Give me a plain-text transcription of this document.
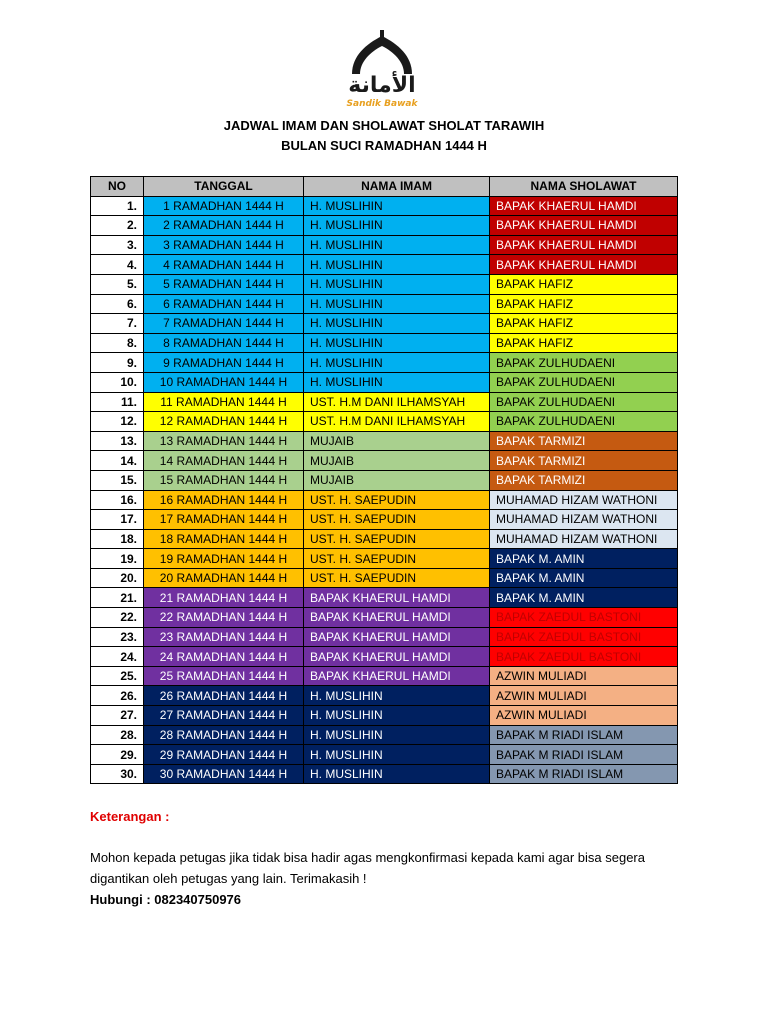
الأمانة
Sandik Bawak
JADWAL IMAM DAN SHOLAWAT SHOLAT TARAWIH
BULAN SUCI RAMADHAN 1444 H
NO	TANGGAL	NAMA IMAM	NAMA SHOLAWAT
1.	1 RAMADHAN 1444 H	H. MUSLIHIN	BAPAK KHAERUL HAMDI
2.	2 RAMADHAN 1444 H	H. MUSLIHIN	BAPAK KHAERUL HAMDI
3.	3 RAMADHAN 1444 H	H. MUSLIHIN	BAPAK KHAERUL HAMDI
4.	4 RAMADHAN 1444 H	H. MUSLIHIN	BAPAK KHAERUL HAMDI
5.	5 RAMADHAN 1444 H	H. MUSLIHIN	BAPAK HAFIZ
6.	6 RAMADHAN 1444 H	H. MUSLIHIN	BAPAK HAFIZ
7.	7 RAMADHAN 1444 H	H. MUSLIHIN	BAPAK HAFIZ
8.	8 RAMADHAN 1444 H	H. MUSLIHIN	BAPAK HAFIZ
9.	9 RAMADHAN 1444 H	H. MUSLIHIN	BAPAK ZULHUDAENI
10.	10 RAMADHAN 1444 H	H. MUSLIHIN	BAPAK ZULHUDAENI
11.	11 RAMADHAN 1444 H	UST. H.M DANI ILHAMSYAH	BAPAK ZULHUDAENI
12.	12 RAMADHAN 1444 H	UST. H.M DANI ILHAMSYAH	BAPAK ZULHUDAENI
13.	13 RAMADHAN 1444 H	MUJAIB	BAPAK TARMIZI
14.	14 RAMADHAN 1444 H	MUJAIB	BAPAK TARMIZI
15.	15 RAMADHAN 1444 H	MUJAIB	BAPAK TARMIZI
16.	16 RAMADHAN 1444 H	UST. H. SAEPUDIN	MUHAMAD HIZAM WATHONI
17.	17 RAMADHAN 1444 H	UST. H. SAEPUDIN	MUHAMAD HIZAM WATHONI
18.	18 RAMADHAN 1444 H	UST. H. SAEPUDIN	MUHAMAD HIZAM WATHONI
19.	19 RAMADHAN 1444 H	UST. H. SAEPUDIN	BAPAK M. AMIN
20.	20 RAMADHAN 1444 H	UST. H. SAEPUDIN	BAPAK M. AMIN
21.	21 RAMADHAN 1444 H	BAPAK KHAERUL HAMDI	BAPAK M. AMIN
22.	22 RAMADHAN 1444 H	BAPAK KHAERUL HAMDI	BAPAK ZAEDUL BASTONI
23.	23 RAMADHAN 1444 H	BAPAK KHAERUL HAMDI	BAPAK ZAEDUL BASTONI
24.	24 RAMADHAN 1444 H	BAPAK KHAERUL HAMDI	BAPAK ZAEDUL BASTONI
25.	25 RAMADHAN 1444 H	BAPAK KHAERUL HAMDI	AZWIN MULIADI
26.	26 RAMADHAN 1444 H	H. MUSLIHIN	AZWIN MULIADI
27.	27 RAMADHAN 1444 H	H. MUSLIHIN	AZWIN MULIADI
28.	28 RAMADHAN 1444 H	H. MUSLIHIN	BAPAK M RIADI ISLAM
29.	29 RAMADHAN 1444 H	H. MUSLIHIN	BAPAK M RIADI ISLAM
30.	30 RAMADHAN 1444 H	H. MUSLIHIN	BAPAK M RIADI ISLAM
Keterangan :
Mohon kepada petugas jika tidak bisa hadir agas mengkonfirmasi kepada kami agar bisa segera
digantikan oleh petugas yang lain. Terimakasih !
Hubungi : 082340750976
